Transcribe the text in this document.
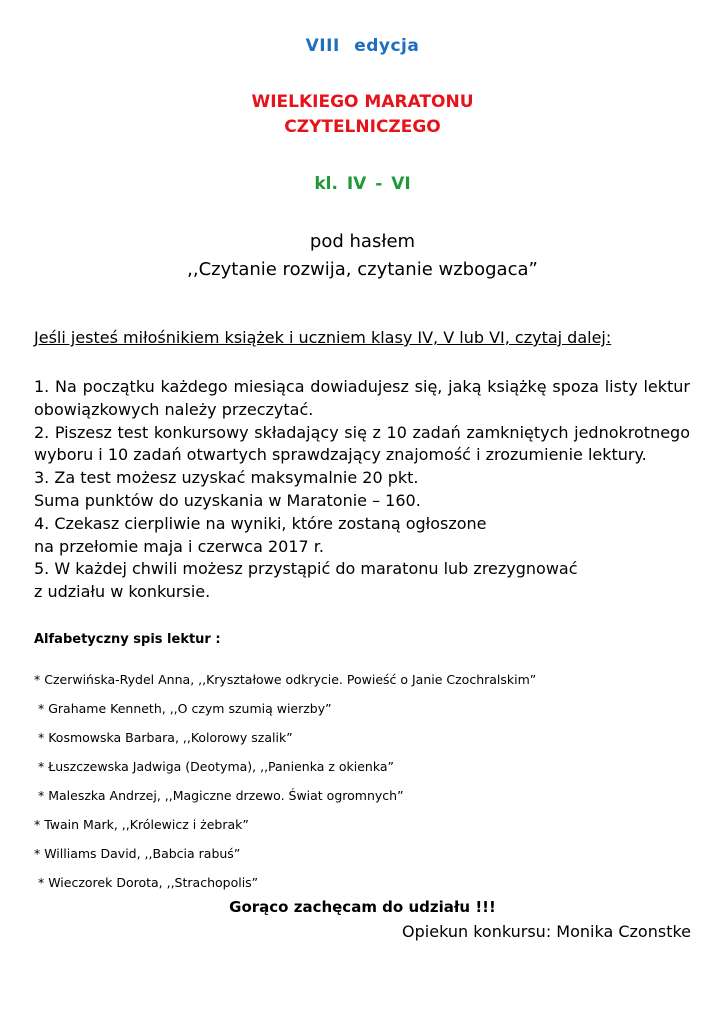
VIII edycja
WIELKIEGO MARATONU
CZYTELNICZEGO
kl. IV - VI
pod hasłem
,,Czytanie rozwija, czytanie wzbogaca”
Jeśli jesteś miłośnikiem książek i uczniem klasy IV, V lub VI, czytaj dalej:
1. Na początku każdego miesiąca dowiadujesz się, jaką książkę spoza listy lektur
obowiązkowych należy przeczytać.
2. Piszesz test konkursowy składający się z 10 zadań zamkniętych jednokrotnego
wyboru i 10 zadań otwartych sprawdzający znajomość i zrozumienie lektury.
3. Za test możesz uzyskać maksymalnie 20 pkt.
Suma punktów do uzyskania w Maratonie – 160.
4. Czekasz cierpliwie na wyniki, które zostaną ogłoszone
na przełomie maja i czerwca 2017 r.
5. W każdej chwili możesz przystąpić do maratonu lub zrezygnować
z udziału w konkursie.
Alfabetyczny spis lektur :
* Czerwińska-Rydel Anna, ,,Kryształowe odkrycie. Powieść o Janie Czochralskim”
* Grahame Kenneth, ,,O czym szumią wierzby”
* Kosmowska Barbara, ,,Kolorowy szalik”
* Łuszczewska Jadwiga (Deotyma), ,,Panienka z okienka”
* Maleszka Andrzej, ,,Magiczne drzewo. Świat ogromnych”
* Twain Mark, ,,Królewicz i żebrak”
* Williams David, ,,Babcia rabuś”
* Wieczorek Dorota, ,,Strachopolis”
Gorąco zachęcam do udziału !!!
Opiekun konkursu: Monika Czonstke
